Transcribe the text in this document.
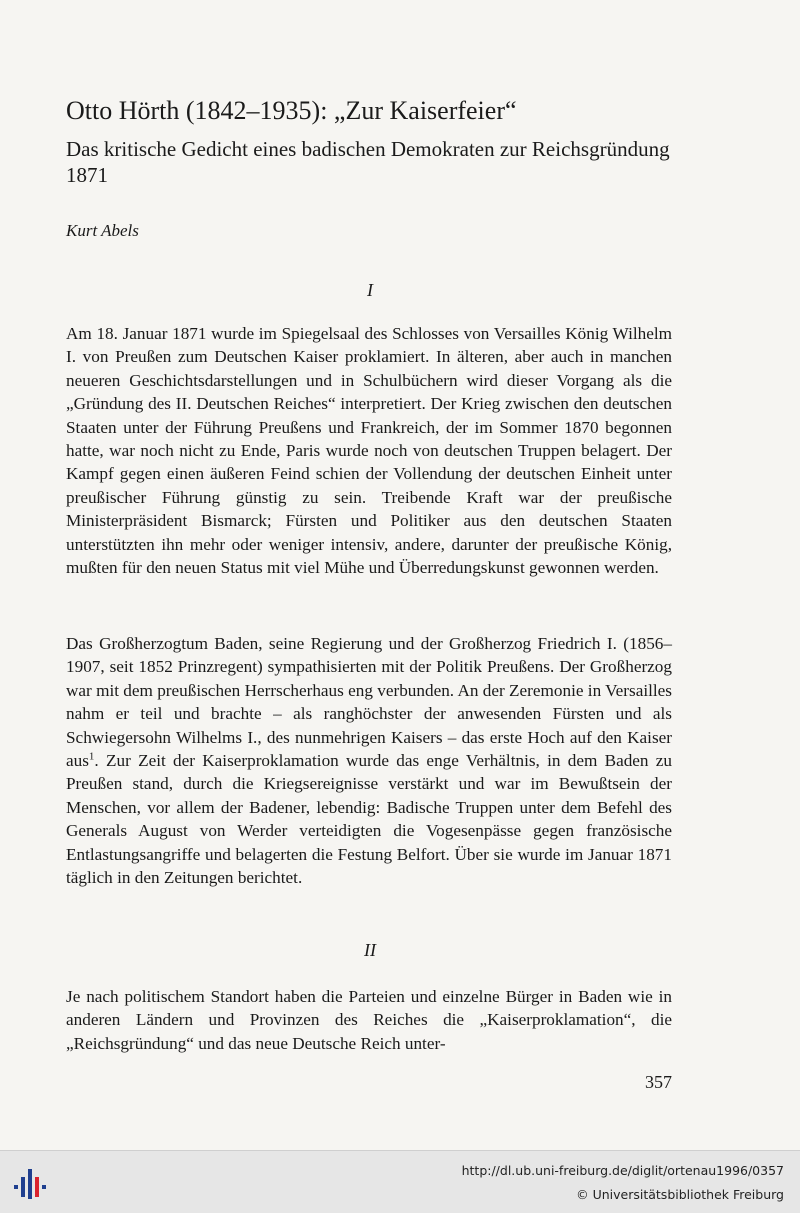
Otto Hörth (1842–1935): „Zur Kaiserfeier“
Das kritische Gedicht eines badischen Demokraten zur Reichsgründung 1871
Kurt Abels
I

Am 18. Januar 1871 wurde im Spiegelsaal des Schlosses von Versailles König Wilhelm I. von Preußen zum Deutschen Kaiser proklamiert. In älteren, aber auch in manchen neueren Geschichtsdarstellungen und in Schulbüchern wird dieser Vorgang als die „Gründung des II. Deutschen Reiches“ interpretiert. Der Krieg zwischen den deutschen Staaten unter der Führung Preußens und Frankreich, der im Sommer 1870 begonnen hatte, war noch nicht zu Ende, Paris wurde noch von deutschen Truppen belagert. Der Kampf gegen einen äußeren Feind schien der Vollendung der deutschen Einheit unter preußischer Führung günstig zu sein. Treibende Kraft war der preußische Ministerpräsident Bismarck; Fürsten und Politiker aus den deutschen Staaten unterstützten ihn mehr oder weniger intensiv, andere, darunter der preußische König, mußten für den neuen Status mit viel Mühe und Überredungskunst gewonnen werden.

Das Großherzogtum Baden, seine Regierung und der Großherzog Friedrich I. (1856–1907, seit 1852 Prinzregent) sympathisierten mit der Politik Preußens. Der Großherzog war mit dem preußischen Herrscherhaus eng verbunden. An der Zeremonie in Versailles nahm er teil und brachte – als ranghöchster der anwesenden Fürsten und als Schwiegersohn Wilhelms I., des nunmehrigen Kaisers – das erste Hoch auf den Kaiser aus$^1$. Zur Zeit der Kaiserproklamation wurde das enge Verhältnis, in dem Baden zu Preußen stand, durch die Kriegsereignisse verstärkt und war im Bewußtsein der Menschen, vor allem der Badener, lebendig: Badische Truppen unter dem Befehl des Generals August von Werder verteidigten die Vogesenpässe gegen französische Entlastungsangriffe und belagerten die Festung Belfort. Über sie wurde im Januar 1871 täglich in den Zeitungen berichtet.

II

Je nach politischem Standort haben die Parteien und einzelne Bürger in Baden wie in anderen Ländern und Provinzen des Reiches die „Kaiserproklamation“, die „Reichsgründung“ und das neue Deutsche Reich unter-

357
http://dl.ub.uni-freiburg.de/diglit/ortenau1996/0357
© Universitätsbibliothek Freiburg
